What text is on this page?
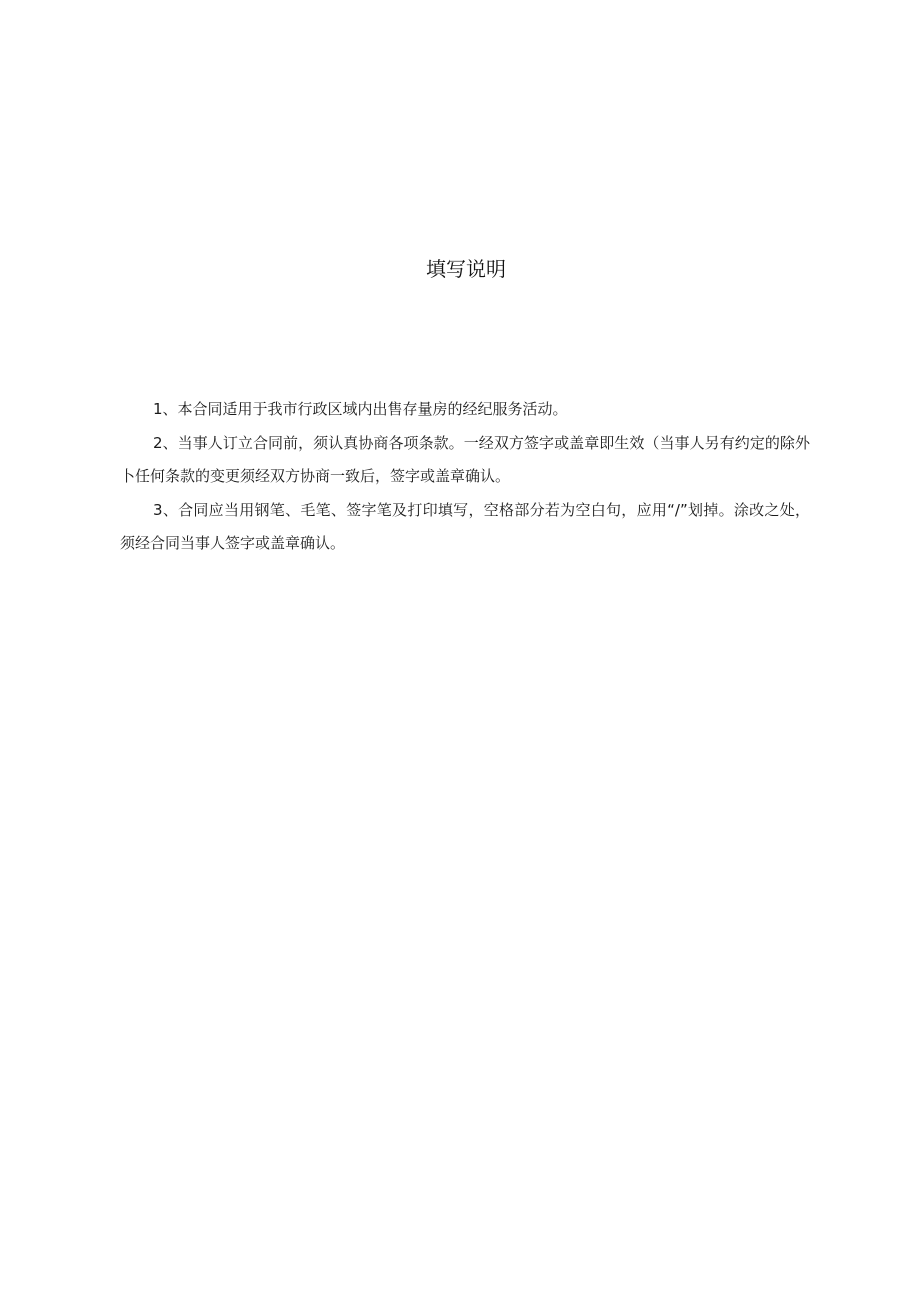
填写说明

1、本合同适用于我市行政区域内出售存量房的经纪服务活动。

2、当事人订立合同前，须认真协商各项条款。一经双方签字或盖章即生效（当事人另有约定的除外卜任何条款的变更须经双方协商一致后，签字或盖章确认。

3、合同应当用钢笔、毛笔、签字笔及打印填写，空格部分若为空白句，应用“/”划掉。涂改之处，须经合同当事人签字或盖章确认。
